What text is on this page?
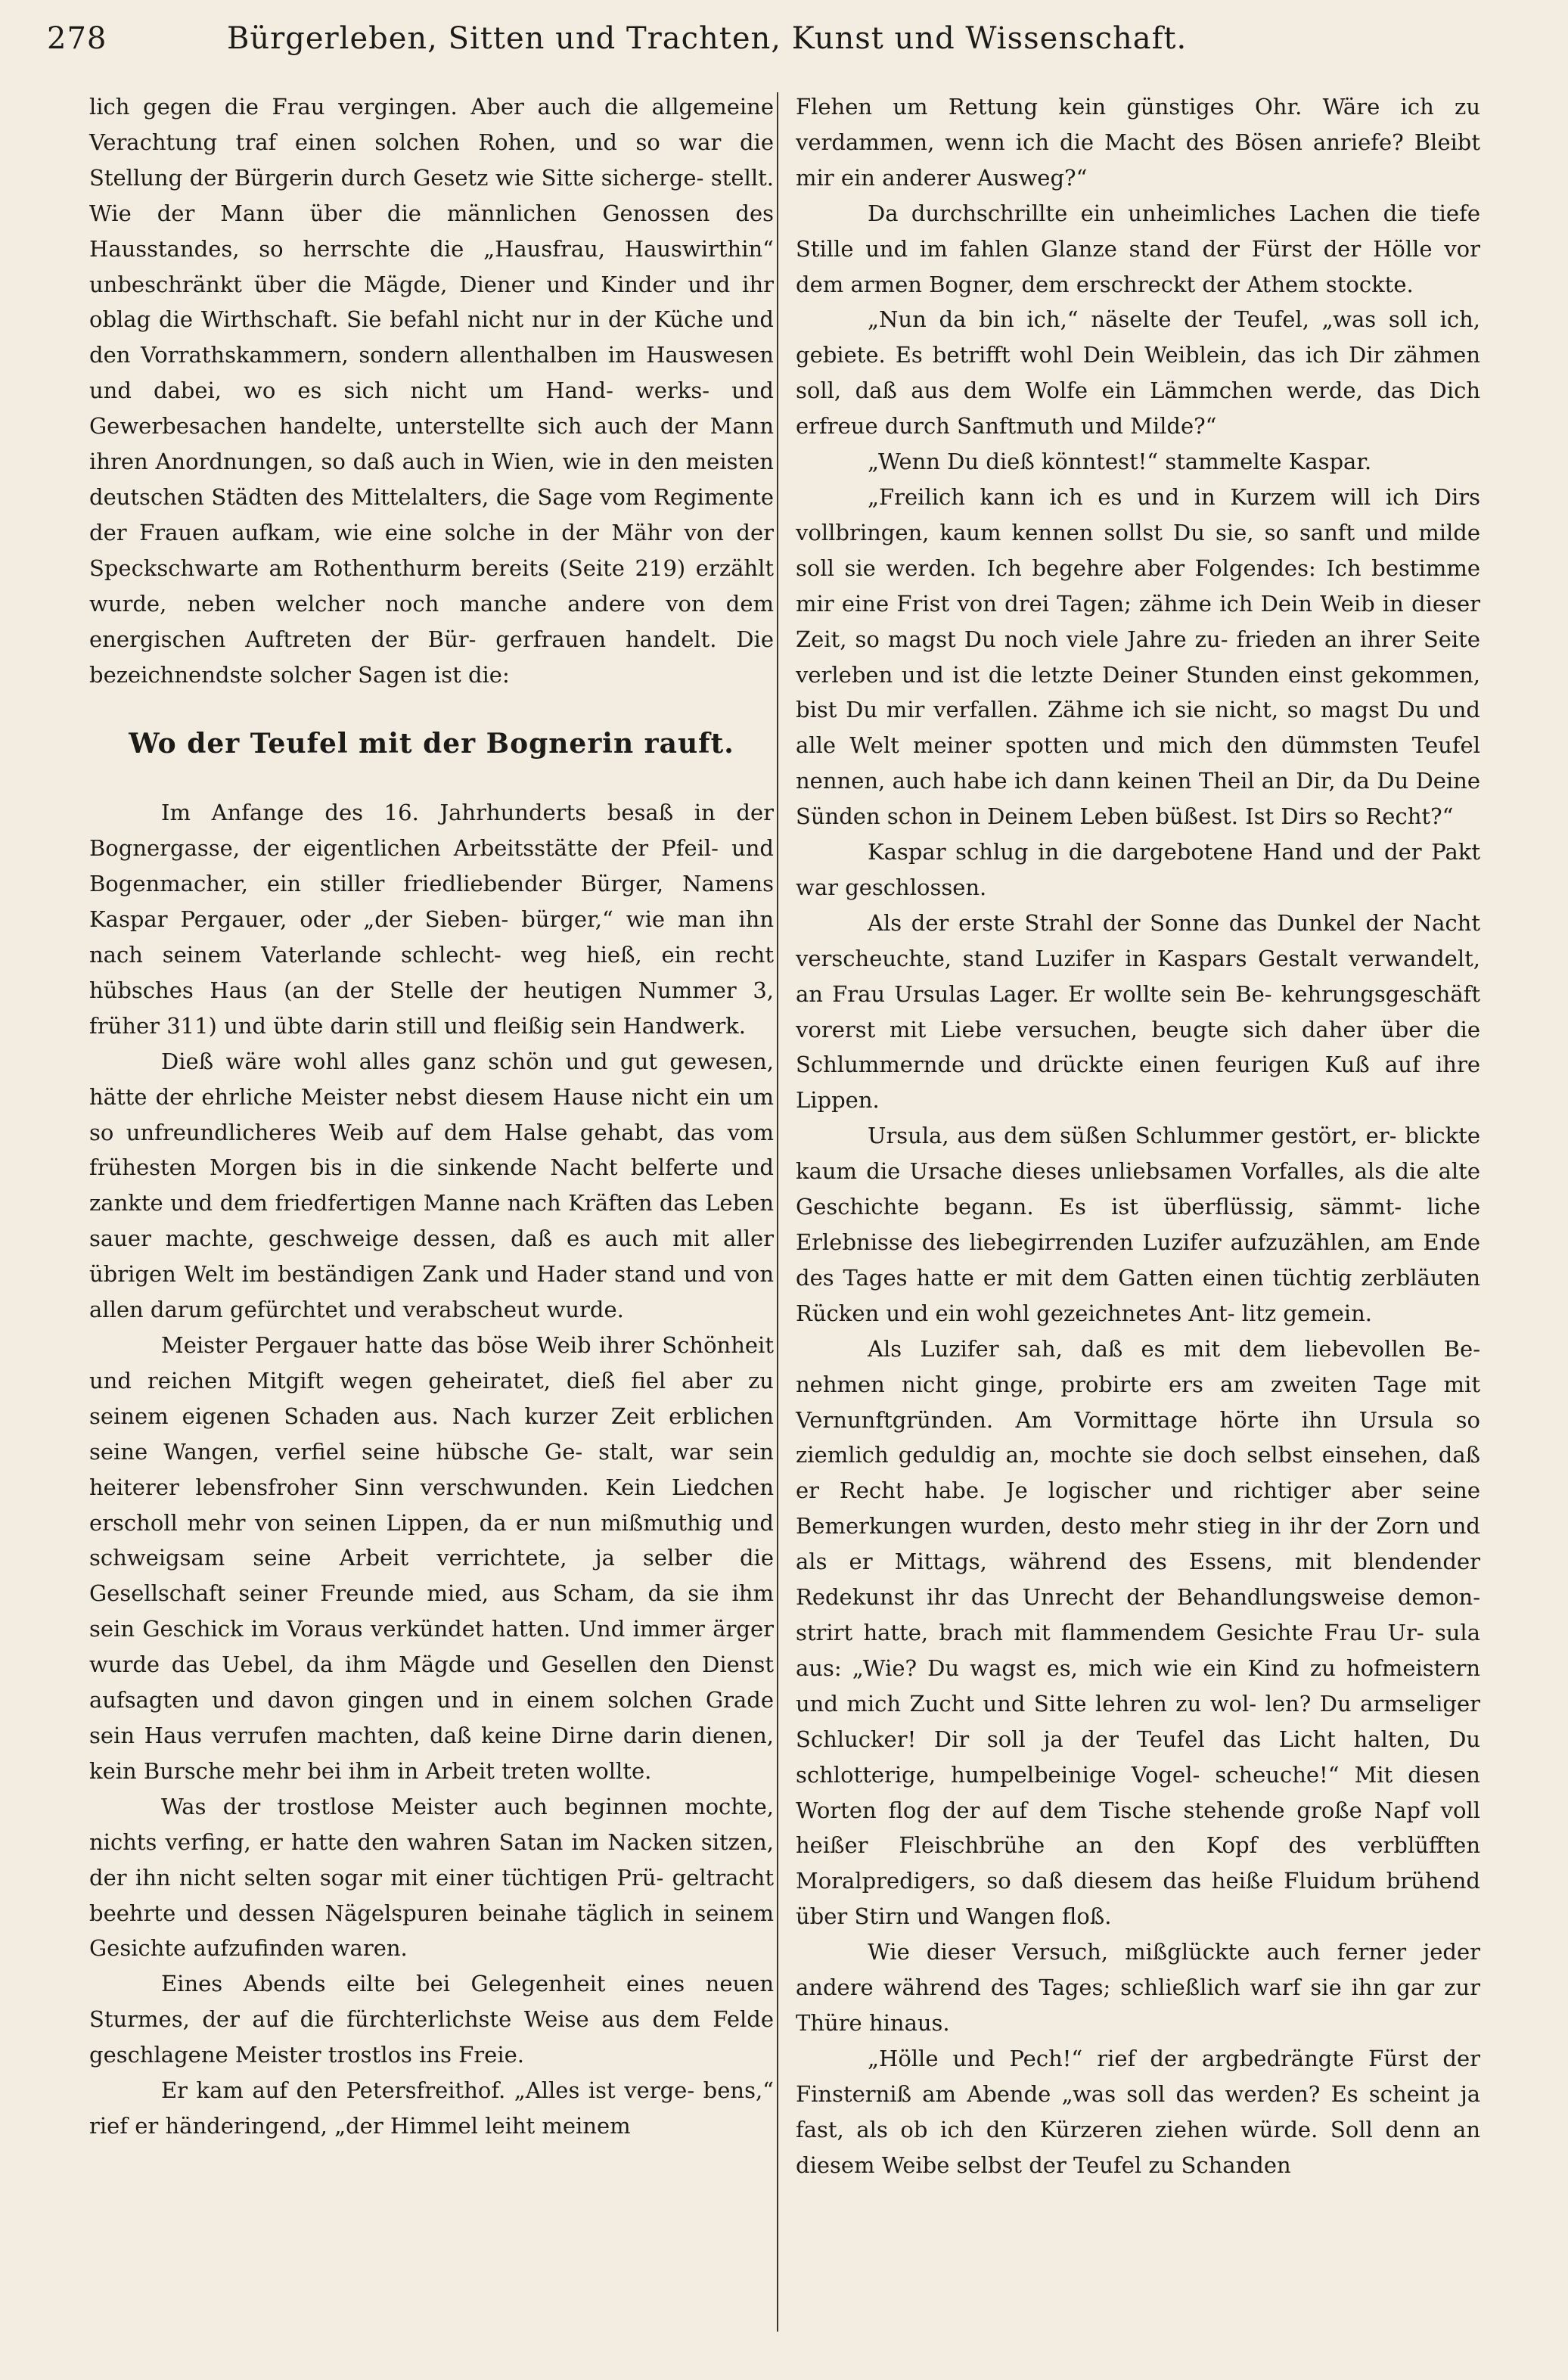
278	Bürgerleben, Sitten und Trachten, Kunst und Wissenschaft.

lich gegen die Frau vergingen. Aber auch die allgemeine Verachtung traf einen solchen Rohen, und so war die Stellung der Bürgerin durch Gesetz wie Sitte sicherge- stellt. Wie der Mann über die männlichen Genossen des Hausstandes, so herrschte die „Hausfrau, Hauswirthin“ unbeschränkt über die Mägde, Diener und Kinder und ihr oblag die Wirthschaft. Sie befahl nicht nur in der Küche und den Vorrathskammern, sondern allenthalben im Hauswesen und dabei, wo es sich nicht um Hand- werks- und Gewerbesachen handelte, unterstellte sich auch der Mann ihren Anordnungen, so daß auch in Wien, wie in den meisten deutschen Städten des Mittelalters, die Sage vom Regimente der Frauen aufkam, wie eine solche in der Mähr von der Speckschwarte am Rothenthurm bereits (Seite 219) erzählt wurde, neben welcher noch manche andere von dem energischen Auftreten der Bür- gerfrauen handelt. Die bezeichnendste solcher Sagen ist die:

Wo der Teufel mit der Bognerin rauft.

Im Anfange des 16. Jahrhunderts besaß in der Bognergasse, der eigentlichen Arbeitsstätte der Pfeil- und Bogenmacher, ein stiller friedliebender Bürger, Namens Kaspar Pergauer, oder „der Sieben- bürger,“ wie man ihn nach seinem Vaterlande schlecht- weg hieß, ein recht hübsches Haus (an der Stelle der heutigen Nummer 3, früher 311) und übte darin still und fleißig sein Handwerk.

Dieß wäre wohl alles ganz schön und gut gewesen, hätte der ehrliche Meister nebst diesem Hause nicht ein um so unfreundlicheres Weib auf dem Halse gehabt, das vom frühesten Morgen bis in die sinkende Nacht belferte und zankte und dem friedfertigen Manne nach Kräften das Leben sauer machte, geschweige dessen, daß es auch mit aller übrigen Welt im beständigen Zank und Hader stand und von allen darum gefürchtet und verabscheut wurde.

Meister Pergauer hatte das böse Weib ihrer Schönheit und reichen Mitgift wegen geheiratet, dieß fiel aber zu seinem eigenen Schaden aus. Nach kurzer Zeit erblichen seine Wangen, verfiel seine hübsche Ge- stalt, war sein heiterer lebensfroher Sinn verschwunden. Kein Liedchen erscholl mehr von seinen Lippen, da er nun mißmuthig und schweigsam seine Arbeit verrichtete, ja selber die Gesellschaft seiner Freunde mied, aus Scham, da sie ihm sein Geschick im Voraus verkündet hatten. Und immer ärger wurde das Uebel, da ihm Mägde und Gesellen den Dienst aufsagten und davon gingen und in einem solchen Grade sein Haus verrufen machten, daß keine Dirne darin dienen, kein Bursche mehr bei ihm in Arbeit treten wollte.

Was der trostlose Meister auch beginnen mochte, nichts verfing, er hatte den wahren Satan im Nacken sitzen, der ihn nicht selten sogar mit einer tüchtigen Prü- geltracht beehrte und dessen Nägelspuren beinahe täglich in seinem Gesichte aufzufinden waren.

Eines Abends eilte bei Gelegenheit eines neuen Sturmes, der auf die fürchterlichste Weise aus dem Felde geschlagene Meister trostlos ins Freie.

Er kam auf den Petersfreithof. „Alles ist verge- bens,“ rief er händeringend, „der Himmel leiht meinem

Flehen um Rettung kein günstiges Ohr. Wäre ich zu verdammen, wenn ich die Macht des Bösen anriefe? Bleibt mir ein anderer Ausweg?“

Da durchschrillte ein unheimliches Lachen die tiefe Stille und im fahlen Glanze stand der Fürst der Hölle vor dem armen Bogner, dem erschreckt der Athem stockte.

„Nun da bin ich,“ näselte der Teufel, „was soll ich, gebiete. Es betrifft wohl Dein Weiblein, das ich Dir zähmen soll, daß aus dem Wolfe ein Lämmchen werde, das Dich erfreue durch Sanftmuth und Milde?“

„Wenn Du dieß könntest!“ stammelte Kaspar.

„Freilich kann ich es und in Kurzem will ich Dirs vollbringen, kaum kennen sollst Du sie, so sanft und milde soll sie werden. Ich begehre aber Folgendes: Ich bestimme mir eine Frist von drei Tagen; zähme ich Dein Weib in dieser Zeit, so magst Du noch viele Jahre zu- frieden an ihrer Seite verleben und ist die letzte Deiner Stunden einst gekommen, bist Du mir verfallen. Zähme ich sie nicht, so magst Du und alle Welt meiner spotten und mich den dümmsten Teufel nennen, auch habe ich dann keinen Theil an Dir, da Du Deine Sünden schon in Deinem Leben büßest. Ist Dirs so Recht?“

Kaspar schlug in die dargebotene Hand und der Pakt war geschlossen.

Als der erste Strahl der Sonne das Dunkel der Nacht verscheuchte, stand Luzifer in Kaspars Gestalt verwandelt, an Frau Ursulas Lager. Er wollte sein Be- kehrungsgeschäft vorerst mit Liebe versuchen, beugte sich daher über die Schlummernde und drückte einen feurigen Kuß auf ihre Lippen.

Ursula, aus dem süßen Schlummer gestört, er- blickte kaum die Ursache dieses unliebsamen Vorfalles, als die alte Geschichte begann. Es ist überflüssig, sämmt- liche Erlebnisse des liebegirrenden Luzifer aufzuzählen, am Ende des Tages hatte er mit dem Gatten einen tüchtig zerbläuten Rücken und ein wohl gezeichnetes Ant- litz gemein.

Als Luzifer sah, daß es mit dem liebevollen Be- nehmen nicht ginge, probirte ers am zweiten Tage mit Vernunftgründen. Am Vormittage hörte ihn Ursula so ziemlich geduldig an, mochte sie doch selbst einsehen, daß er Recht habe. Je logischer und richtiger aber seine Bemerkungen wurden, desto mehr stieg in ihr der Zorn und als er Mittags, während des Essens, mit blendender Redekunst ihr das Unrecht der Behandlungsweise demon- strirt hatte, brach mit flammendem Gesichte Frau Ur- sula aus: „Wie? Du wagst es, mich wie ein Kind zu hofmeistern und mich Zucht und Sitte lehren zu wol- len? Du armseliger Schlucker! Dir soll ja der Teufel das Licht halten, Du schlotterige, humpelbeinige Vogel- scheuche!“ Mit diesen Worten flog der auf dem Tische stehende große Napf voll heißer Fleischbrühe an den Kopf des verblüfften Moralpredigers, so daß diesem das heiße Fluidum brühend über Stirn und Wangen floß.

Wie dieser Versuch, mißglückte auch ferner jeder andere während des Tages; schließlich warf sie ihn gar zur Thüre hinaus.

„Hölle und Pech!“ rief der argbedrängte Fürst der Finsterniß am Abende „was soll das werden? Es scheint ja fast, als ob ich den Kürzeren ziehen würde. Soll denn an diesem Weibe selbst der Teufel zu Schanden
